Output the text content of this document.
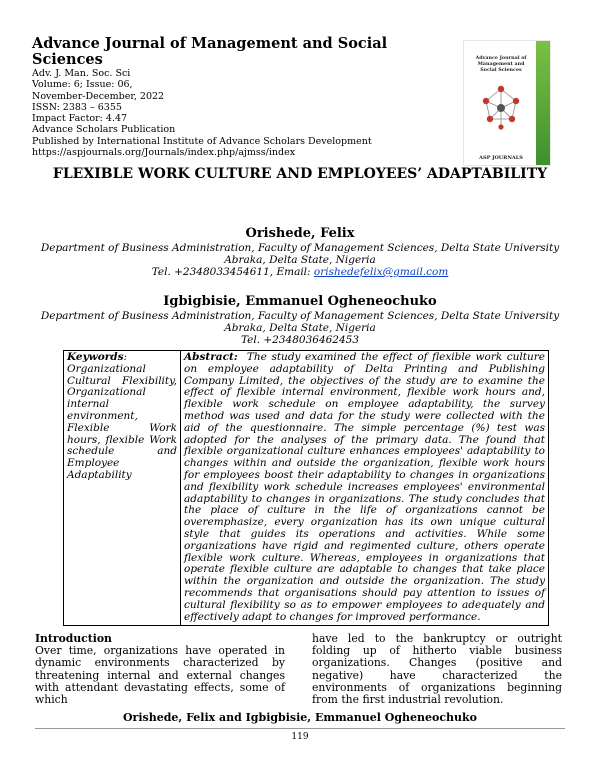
Advance Journal of Management and Social Sciences
Adv. J. Man. Soc. Sci
Volume: 6; Issue: 06,
November-December, 2022
ISSN: 2383 – 6355
Impact Factor: 4.47
Advance Scholars Publication
Published by International Institute of Advance Scholars Development
https://aspjournals.org/Journals/index.php/ajmss/index
Advance Journal of Management and Social Sciences
ASP JOURNALS
FLEXIBLE WORK CULTURE AND EMPLOYEES’ ADAPTABILITY
Orishede, Felix
Department of Business Administration, Faculty of Management Sciences, Delta State University Abraka, Delta State, Nigeria
Tel. +2348033454611, Email: orishedefelix@gmail.com
Igbigbisie, Emmanuel Ogheneochuko
Department of Business Administration, Faculty of Management Sciences, Delta State University Abraka, Delta State, Nigeria
Tel. +2348036462453
Keywords:
Organizational Cultural Flexibility, Organizational internal environment, Flexible Work hours, flexible Work schedule and Employee Adaptability	Abstract: The study examined the effect of flexible work culture on employee adaptability of Delta Printing and Publishing Company Limited, the objectives of the study are to examine the effect of flexible internal environment, flexible work hours and, flexible work schedule on employee adaptability, the survey method was used and data for the study were collected with the aid of the questionnaire. The simple percentage (%) test was adopted for the analyses of the primary data. The found that flexible organizational culture enhances employees' adaptability to changes within and outside the organization, flexible work hours for employees boost their adaptability to changes in organizations and flexibility work schedule increases employees' environmental adaptability to changes in organizations. The study concludes that the place of culture in the life of organizations cannot be overemphasize, every organization has its own unique cultural style that guides its operations and activities. While some organizations have rigid and regimented culture, others operate flexible work culture. Whereas, employees in organizations that operate flexible culture are adaptable to changes that take place within the organization and outside the organization. The study recommends that organisations should pay attention to issues of cultural flexibility so as to empower employees to adequately and effectively adapt to changes for improved performance.
Introduction
Over time, organizations have operated in dynamic environments characterized by threatening internal and external changes with attendant devastating effects, some of which
have led to the bankruptcy or outright folding up of hitherto viable business organizations. Changes (positive and negative) have characterized the environments of organizations beginning from the first industrial revolution.
Orishede, Felix and Igbigbisie, Emmanuel Ogheneochuko
119
